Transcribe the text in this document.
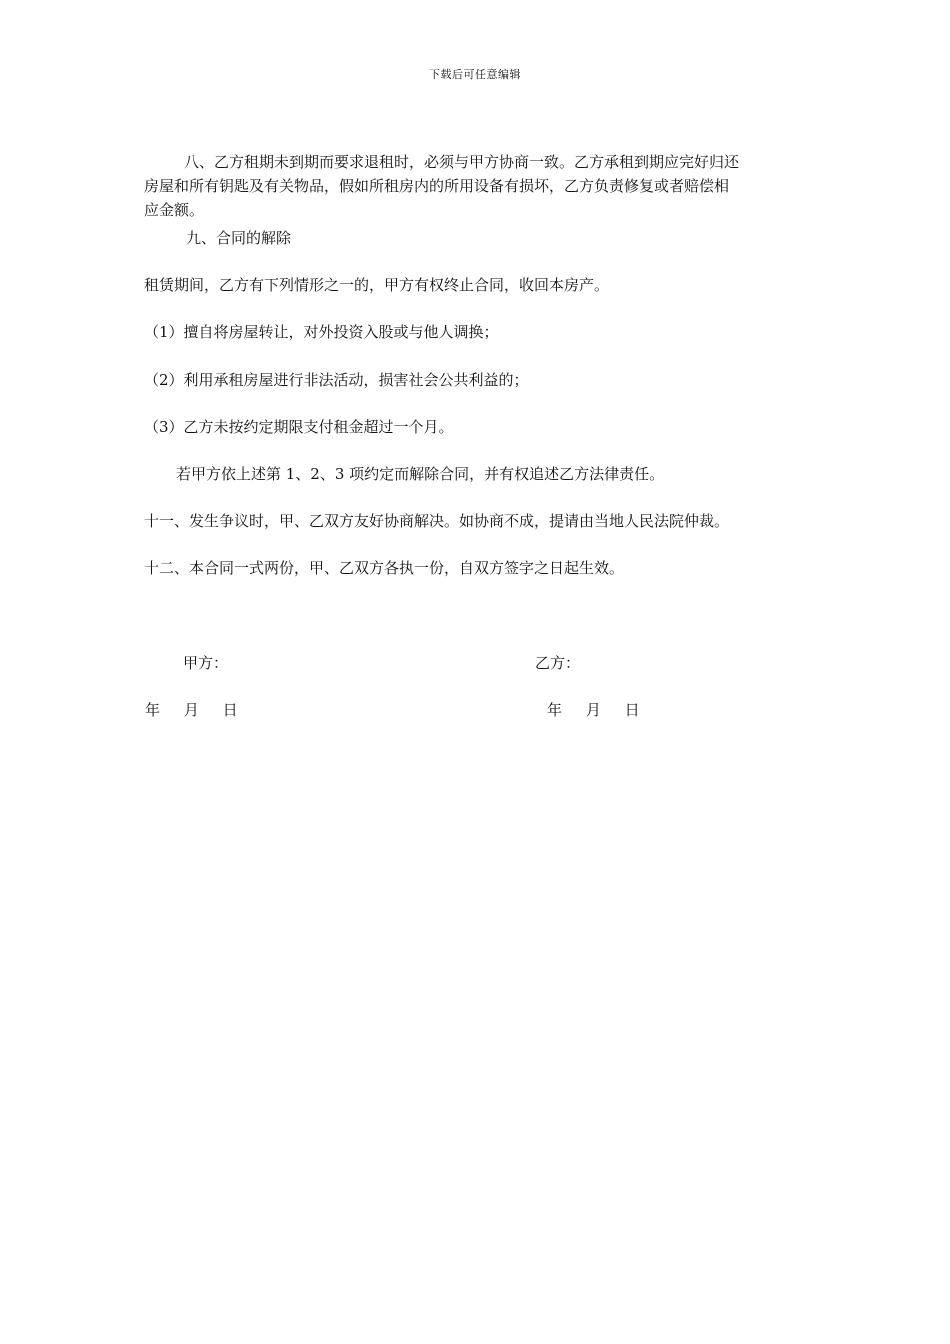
下载后可任意编辑
八、乙方租期未到期而要求退租时，必须与甲方协商一致。乙方承租到期应完好归还
房屋和所有钥匙及有关物品，假如所租房内的所用设备有损坏，乙方负责修复或者赔偿相
应金额。
九、合同的解除
租赁期间，乙方有下列情形之一的，甲方有权终止合同，收回本房产。
（1）擅自将房屋转让，对外投资入股或与他人调换；
（2）利用承租房屋进行非法活动，损害社会公共利益的；
（3）乙方未按约定期限支付租金超过一个月。
若甲方依上述第 1、2、3 项约定而解除合同，并有权追述乙方法律责任。
十一、发生争议时，甲、乙双方友好协商解决。如协商不成，提请由当地人民法院仲裁。
十二、本合同一式两份，甲、乙双方各执一份，自双方签字之日起生效。
甲方：	乙方：
年     月     日	年     月     日
